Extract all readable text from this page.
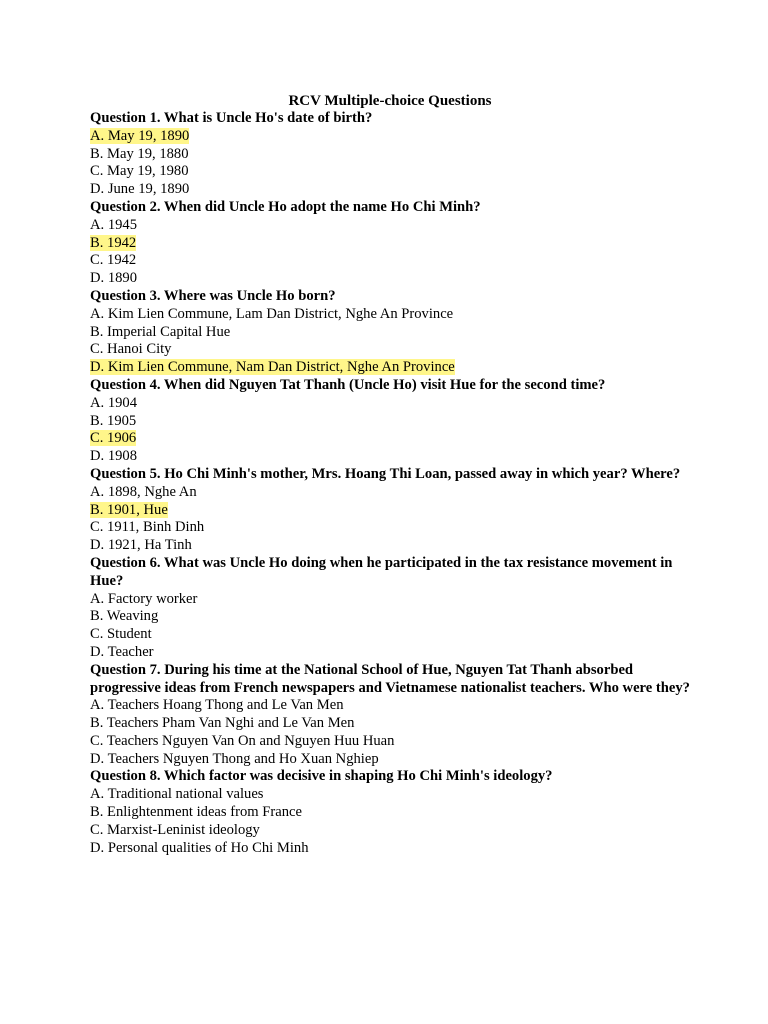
RCV Multiple-choice Questions

Question 1. What is Uncle Ho's date of birth?

A. May 19, 1890

B. May 19, 1880

C. May 19, 1980

D. June 19, 1890

Question 2. When did Uncle Ho adopt the name Ho Chi Minh?

A. 1945

B. 1942

C. 1942

D. 1890

Question 3. Where was Uncle Ho born?

A. Kim Lien Commune, Lam Dan District, Nghe An Province

B. Imperial Capital Hue

C. Hanoi City

D. Kim Lien Commune, Nam Dan District, Nghe An Province

Question 4. When did Nguyen Tat Thanh (Uncle Ho) visit Hue for the second time?

A. 1904

B. 1905

C. 1906

D. 1908

Question 5. Ho Chi Minh's mother, Mrs. Hoang Thi Loan, passed away in which year? Where?

A. 1898, Nghe An

B. 1901, Hue

C. 1911, Binh Dinh

D. 1921, Ha Tinh

Question 6. What was Uncle Ho doing when he participated in the tax resistance movement in Hue?

A. Factory worker

B. Weaving

C. Student

D. Teacher

Question 7. During his time at the National School of Hue, Nguyen Tat Thanh absorbed progressive ideas from French newspapers and Vietnamese nationalist teachers. Who were they?

A. Teachers Hoang Thong and Le Van Men

B. Teachers Pham Van Nghi and Le Van Men

C. Teachers Nguyen Van On and Nguyen Huu Huan

D. Teachers Nguyen Thong and Ho Xuan Nghiep

Question 8. Which factor was decisive in shaping Ho Chi Minh's ideology?

A. Traditional national values

B. Enlightenment ideas from France

C. Marxist-Leninist ideology

D. Personal qualities of Ho Chi Minh
